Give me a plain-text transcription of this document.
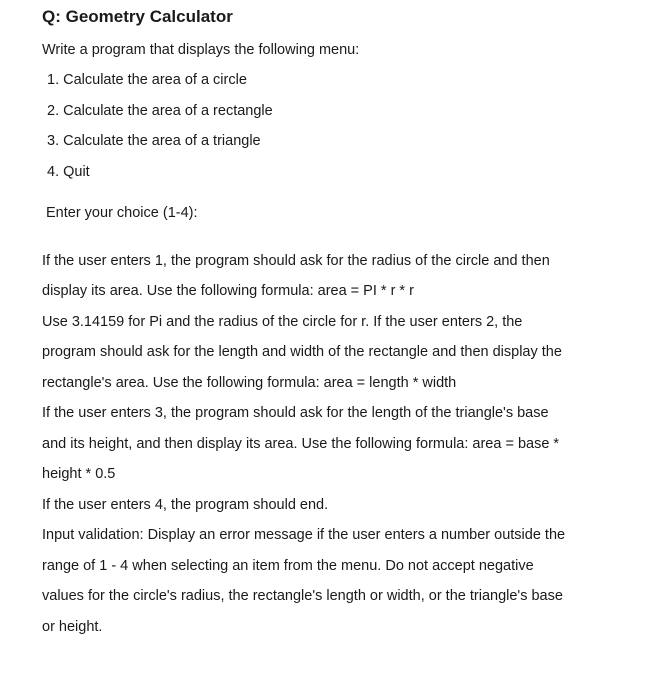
Q: Geometry Calculator
Write a program that displays the following menu:
1. Calculate the area of a circle
2. Calculate the area of a rectangle
3. Calculate the area of a triangle
4. Quit
Enter your choice (1-4):
If the user enters 1, the program should ask for the radius of the circle and then
display its area. Use the following formula: area = PI * r * r
Use 3.14159 for Pi and the radius of the circle for r. If the user enters 2, the
program should ask for the length and width of the rectangle and then display the
rectangle's area. Use the following formula: area = length * width
If the user enters 3, the program should ask for the length of the triangle's base
and its height, and then display its area. Use the following formula: area = base *
height * 0.5
If the user enters 4, the program should end.
Input validation: Display an error message if the user enters a number outside the
range of 1 - 4 when selecting an item from the menu. Do not accept negative
values for the circle's radius, the rectangle's length or width, or the triangle's base
or height.
